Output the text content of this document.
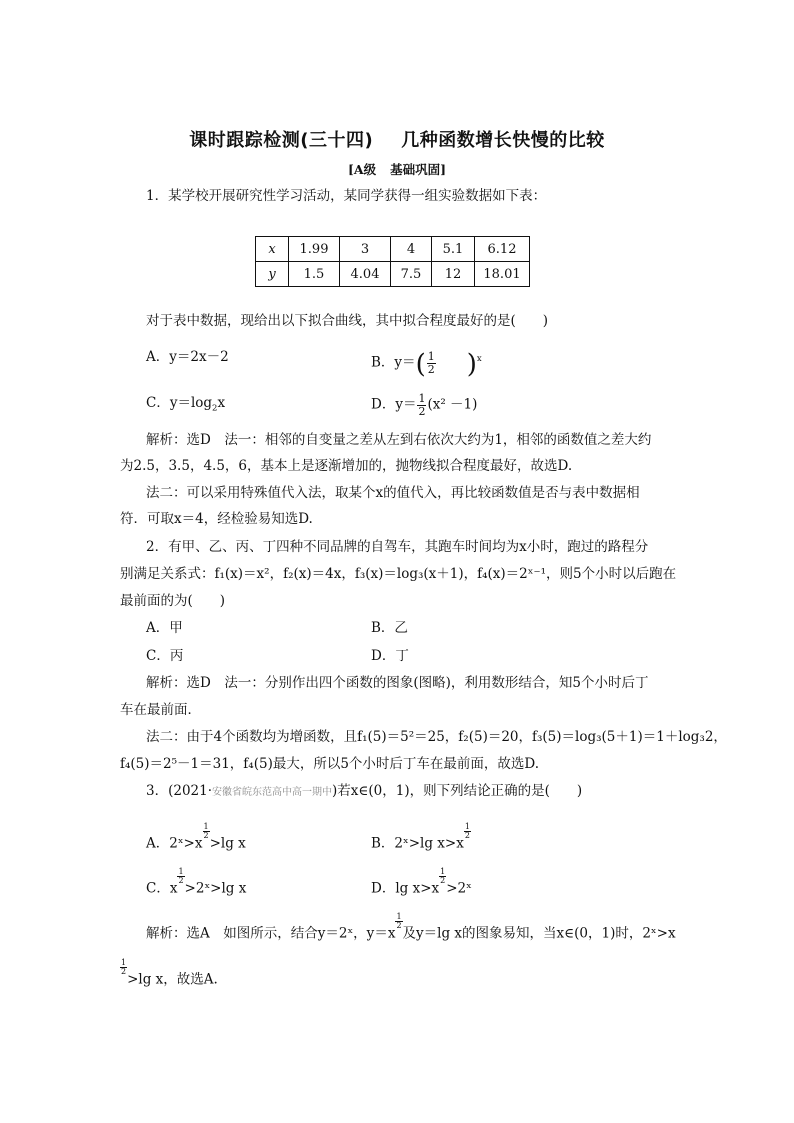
课时跟踪检测(三十四) 几种函数增长快慢的比较
[A级 基础巩固]
1．某学校开展研究性学习活动，某同学获得一组实验数据如下表：
x	1.99	3	4	5.1	6.12
y	1.5	4.04	7.5	12	18.01
对于表中数据，现给出以下拟合曲线，其中拟合程度最好的是(　　)
A．y＝2x－2	B．$y=( \frac{1}{2} )^x$
C．$y=\log_2x$	D．$y= \frac{1}{2} (x^2 -1)$
解析：选D　法一：相邻的自变量之差从左到右依次大约为1，相邻的函数值之差大约
为2.5，3.5，4.5，6，基本上是逐渐增加的，抛物线拟合程度最好，故选D.
法二：可以采用特殊值代入法，取某个x的值代入，再比较函数值是否与表中数据相
符．可取x＝4，经检验易知选D.
2．有甲、乙、丙、丁四种不同品牌的自驾车，其跑车时间均为x小时，跑过的路程分
别满足关系式：f₁(x)＝x²，f₂(x)＝4x，f₃(x)＝log₃(x＋1)，f₄(x)＝2ˣ⁻¹，则5个小时以后跑在
最前面的为(　　)
A．甲	B．乙
C．丙	D．丁
解析：选D　法一：分别作出四个函数的图象(图略)，利用数形结合，知5个小时后丁
车在最前面．
法二：由于4个函数均为增函数，且f₁(5)＝5²＝25，f₂(5)＝20，f₃(5)＝log₃(5＋1)＝1＋log₃2，
f₄(5)＝2⁵－1＝31，f₄(5)最大，所以5个小时后丁车在最前面，故选D.
3．(2021·安徽省皖东范高中高一期中)若x∈(0，1)，则下列结论正确的是(　　)
A．2ˣ>x
$\frac{1}{2}$
>lg x	B．2ˣ>lg x>x
$\frac{1}{2}$
C．x
$\frac{1}{2}$
>2ˣ>lg x	D．lg x>x
$\frac{1}{2}$
>2ˣ
解析：选A　如图所示，结合y＝2ˣ，y＝x
$\frac{1}{2}$
及y＝lg x的图象易知，当x∈(0，1)时，2ˣ>x
$\frac{1}{2}$
>lg x，故选A.
